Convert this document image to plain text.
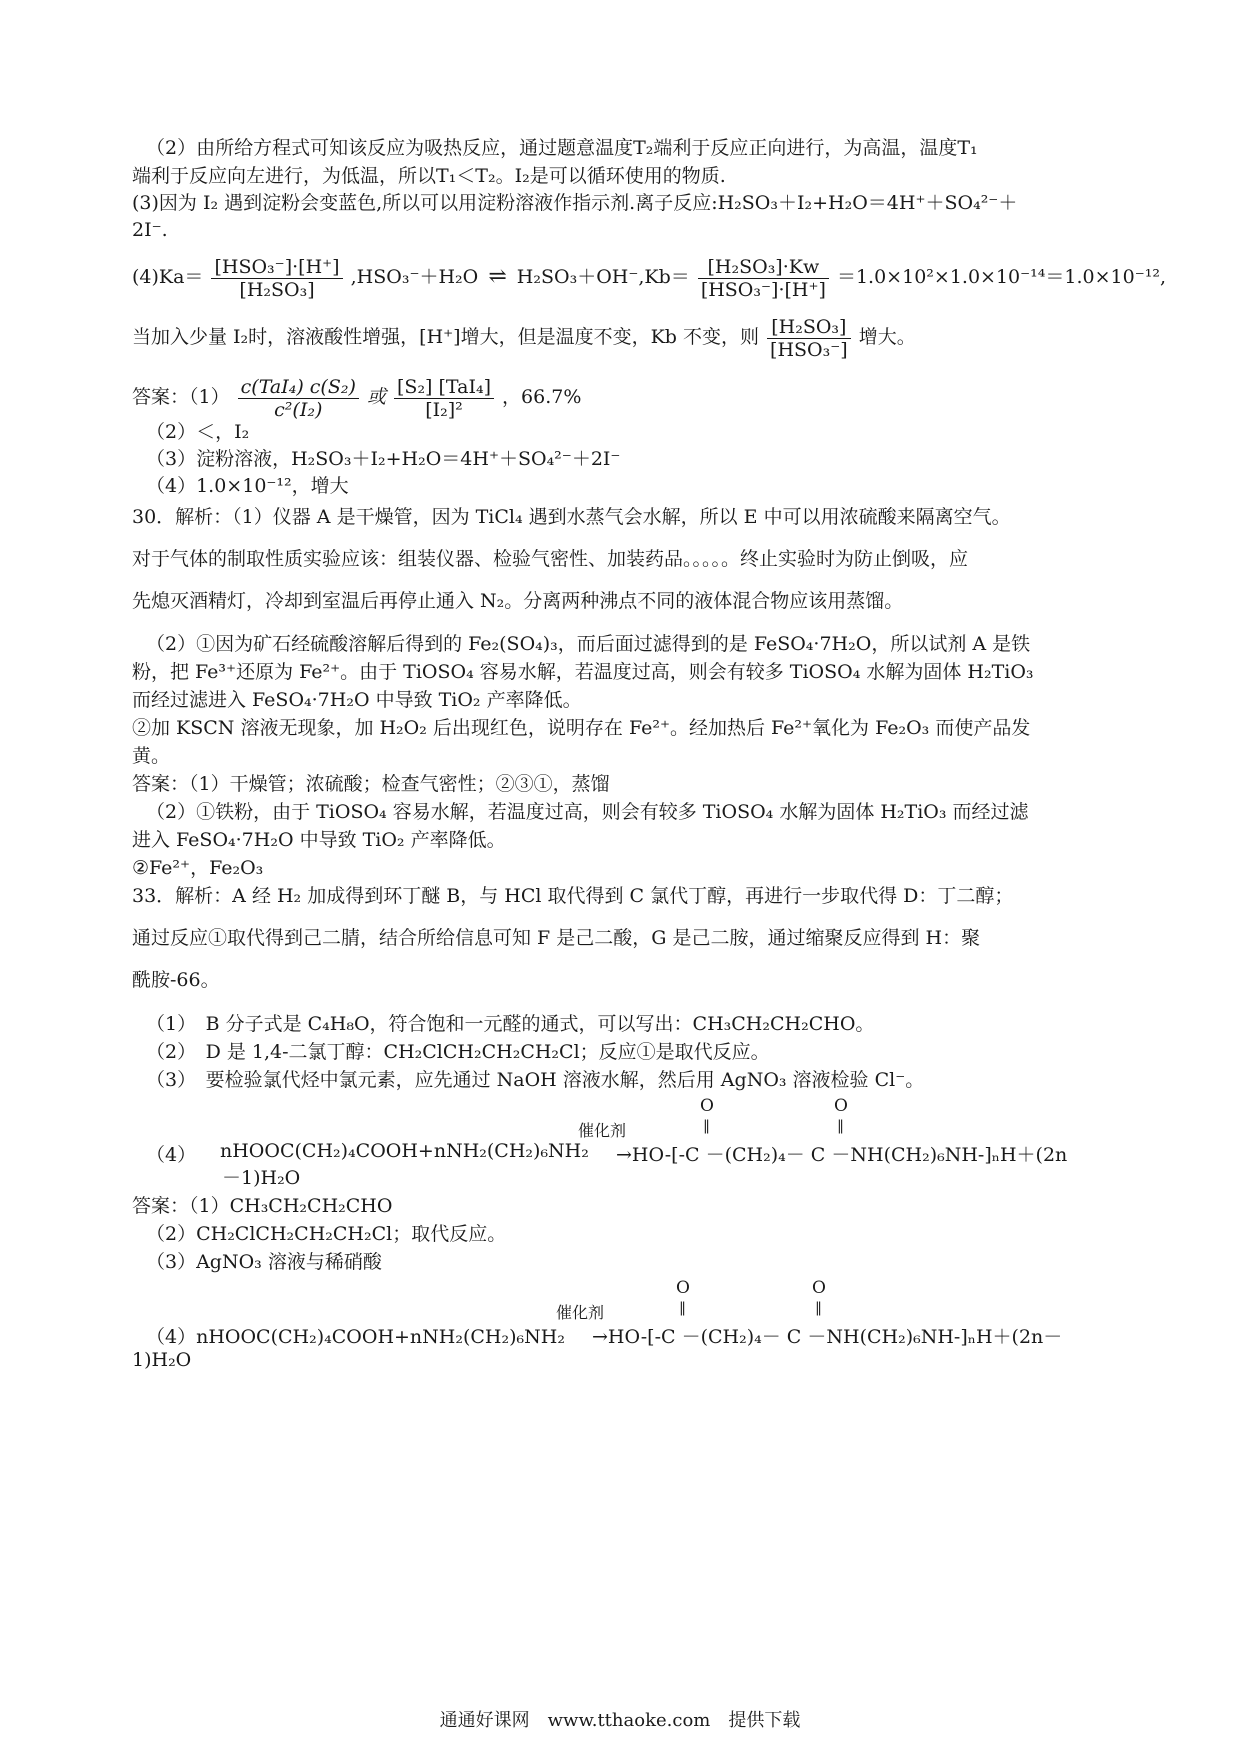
（2）由所给方程式可知该反应为吸热反应，通过题意温度T₂端利于反应正向进行，为高温，温度T₁
端利于反应向左进行，为低温，所以T₁＜T₂。I₂是可以循环使用的物质.
(3)因为 I₂ 遇到淀粉会变蓝色,所以可以用淀粉溶液作指示剂.离子反应:H₂SO₃＋I₂+H₂O＝4H⁺＋SO₄²⁻＋
2I⁻.
$(4)Ka= \frac{\text{[HSO₃⁻]·[H⁺]}}{\text{[H₂SO₃]}} ,HSO_3^-+H_2O$ ⇌ $H_2SO_3+OH^-,Kb= \frac{\text{[H₂SO₃]·Kw}}{\text{[HSO₃⁻]·[H⁺]}} =1.0\times 10^2\times 1.0\times 10^{-14}=1.0\times 10^{-12}$,
当加入少量 I₂时，溶液酸性增强，[H⁺]增大，但是温度不变，Kb 不变，则 $\frac{\text{[H₂SO₃]}}{\text{[HSO₃⁻]}}$ 增大。
答案：$(1) \frac{\text{c(TaI₄) c(S₂)}}{\text{c²(I₂)}}$ 或 $\frac{\text{[S₂] [TaI₄]}}{\text{[I₂]²}}$ ，66.7%
（2）＜，I₂
（3）淀粉溶液，H₂SO₃＋I₂+H₂O＝4H⁺＋SO₄²⁻＋2I⁻
（4）1.0×10⁻¹²，增大
30．解析：（1）仪器 A 是干燥管，因为 TiCl₄ 遇到水蒸气会水解，所以 E 中可以用浓硫酸来隔离空气。
对于气体的制取性质实验应该：组装仪器、检验气密性、加装药品。。。。。终止实验时为防止倒吸，应
先熄灭酒精灯，冷却到室温后再停止通入 N₂。分离两种沸点不同的液体混合物应该用蒸馏。
（2）①因为矿石经硫酸溶解后得到的 Fe₂(SO₄)₃，而后面过滤得到的是 FeSO₄·7H₂O，所以试剂 A 是铁
粉，把 Fe³⁺还原为 Fe²⁺。由于 TiOSO₄ 容易水解，若温度过高，则会有较多 TiOSO₄ 水解为固体 H₂TiO₃
而经过滤进入 FeSO₄·7H₂O 中导致 TiO₂ 产率降低。
②加 KSCN 溶液无现象，加 H₂O₂ 后出现红色，说明存在 Fe²⁺。经加热后 Fe²⁺氧化为 Fe₂O₃ 而使产品发
黄。
答案：（1）干燥管；浓硫酸；检查气密性；②③①，蒸馏
（2）①铁粉，由于 TiOSO₄ 容易水解，若温度过高，则会有较多 TiOSO₄ 水解为固体 H₂TiO₃ 而经过滤
进入 FeSO₄·7H₂O 中导致 TiO₂ 产率降低。
②Fe²⁺，Fe₂O₃
33．解析：A 经 H₂ 加成得到环丁醚 B，与 HCl 取代得到 C 氯代丁醇，再进行一步取代得 D：丁二醇；
通过反应①取代得到己二腈，结合所给信息可知 F 是己二酸，G 是己二胺，通过缩聚反应得到 H：聚
酰胺-66。
（1）　B 分子式是 C₄H₈O，符合饱和一元醛的通式，可以写出：CH₃CH₂CH₂CHO。
（2）　D 是 1,4-二氯丁醇：CH₂ClCH₂CH₂CH₂Cl；反应①是取代反应。
（3）　要检验氯代烃中氯元素，应先通过 NaOH 溶液水解，然后用 AgNO₃ 溶液检验 Cl⁻。
（4） nHOOC(CH₂)₄COOH+nNH₂(CH₂)₆NH₂
催化剂
O
‖
O
‖
→HO-[-C －(CH₂)₄－ C －NH(CH₂)₆NH-]ₙH＋(2n
－1)H₂O
答案：（1）CH₃CH₂CH₂CHO
（2）CH₂ClCH₂CH₂CH₂Cl；取代反应。
（3）AgNO₃ 溶液与稀硝酸
（4）nHOOC(CH₂)₄COOH+nNH₂(CH₂)₆NH₂
催化剂
O
‖
O
‖
→HO-[-C －(CH₂)₄－ C －NH(CH₂)₆NH-]ₙH＋(2n－
1)H₂O
通通好课网　www.tthaoke.com　提供下载
